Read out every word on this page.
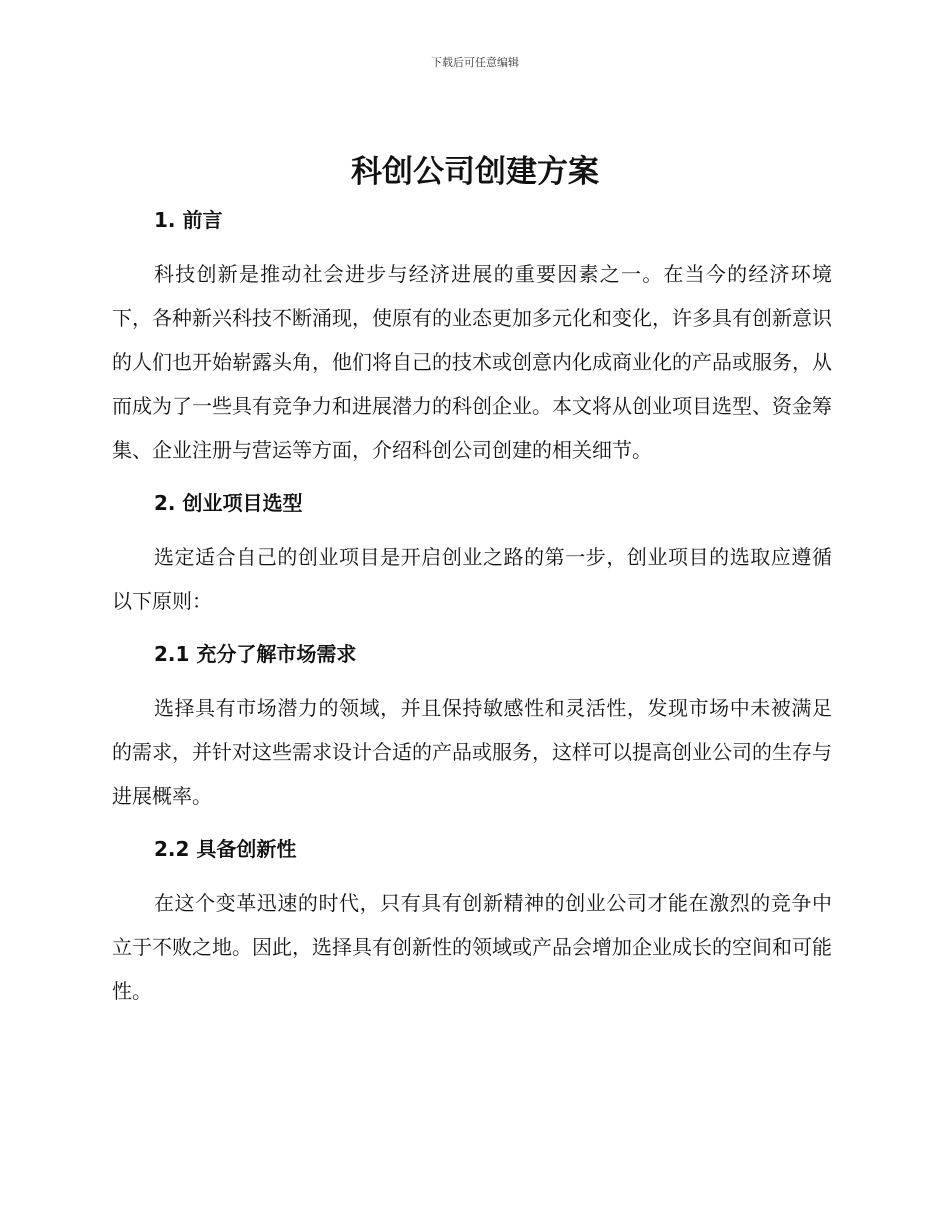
下载后可任意编辑
科创公司创建方案

1. 前言

科技创新是推动社会进步与经济进展的重要因素之一。在当今的经济环境下，各种新兴科技不断涌现，使原有的业态更加多元化和变化，许多具有创新意识的人们也开始崭露头角，他们将自己的技术或创意内化成商业化的产品或服务，从而成为了一些具有竞争力和进展潜力的科创企业。本文将从创业项目选型、资金筹集、企业注册与营运等方面，介绍科创公司创建的相关细节。

2. 创业项目选型

选定适合自己的创业项目是开启创业之路的第一步，创业项目的选取应遵循以下原则：

2.1 充分了解市场需求

选择具有市场潜力的领域，并且保持敏感性和灵活性，发现市场中未被满足的需求，并针对这些需求设计合适的产品或服务，这样可以提高创业公司的生存与进展概率。

2.2 具备创新性

在这个变革迅速的时代，只有具有创新精神的创业公司才能在激烈的竞争中立于不败之地。因此，选择具有创新性的领域或产品会增加企业成长的空间和可能性。
